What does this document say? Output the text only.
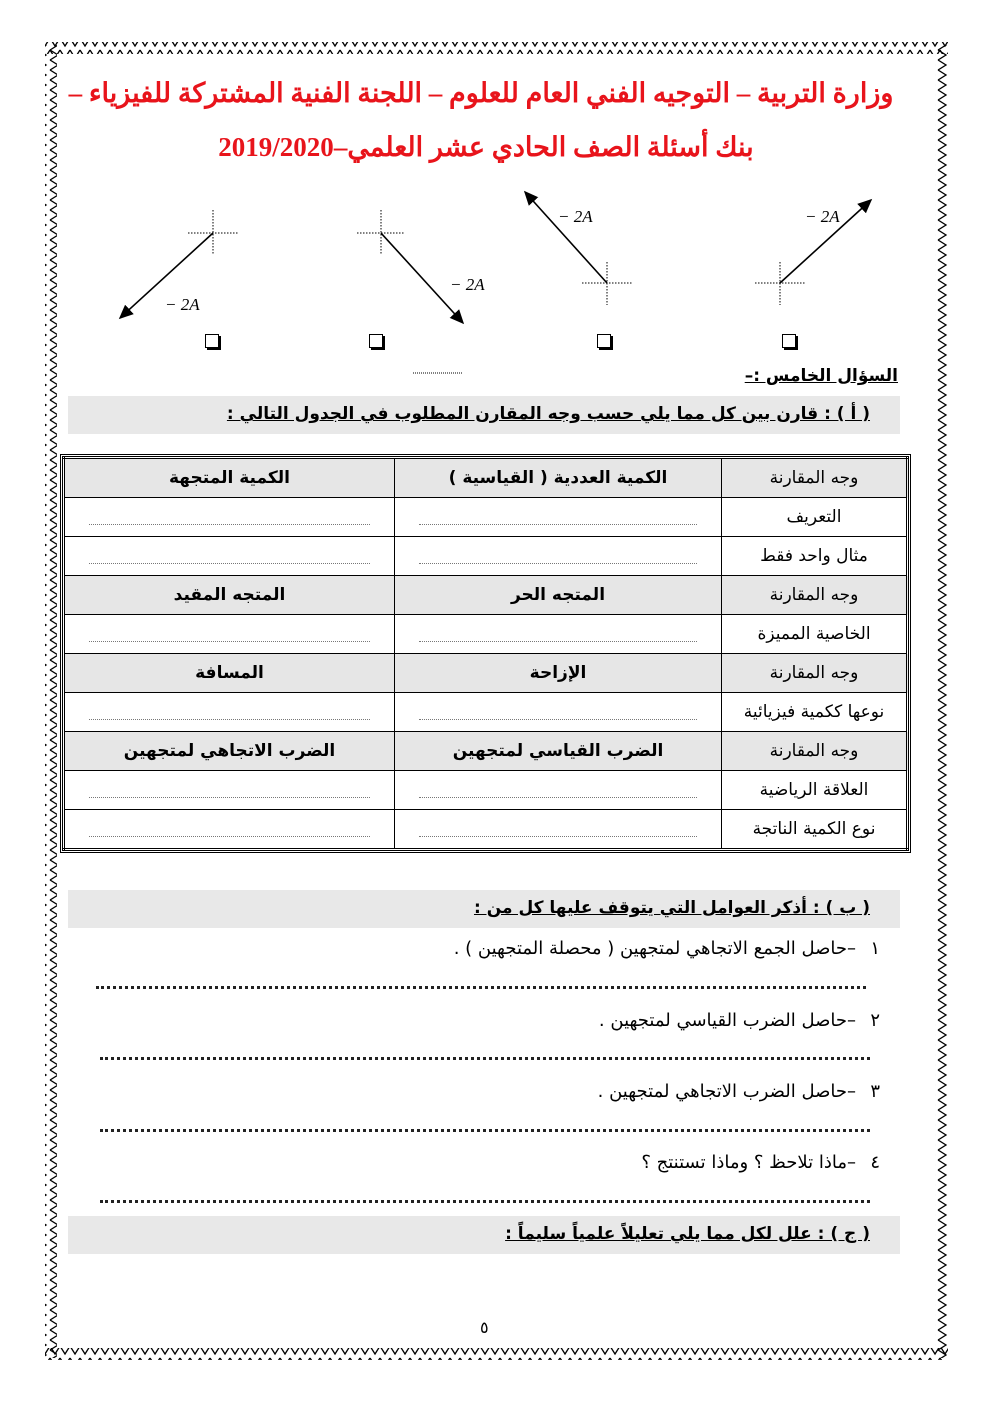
وزارة التربية – التوجيه الفني العام للعلوم – اللجنة الفنية المشتركة للفيزياء –
بنك أسئلة الصف الحادي عشر العلمي–2019/2020
− 2A⃗
− 2A⃗
− 2A⃗	− 2A⃗
السؤال الخامس :–
( أ ) : قارن بين كل مما يلي حسب وجه المقارن المطلوب في الجدول التالي :
وجه المقارنة	الكمية العددية ( القياسية )	الكمية المتجهة
التعريف	

مثال واحد فقط	

وجه المقارنة	المتجه الحر	المتجه المقيد
الخاصية المميزة	

وجه المقارنة	الإزاحة	المسافة
نوعها ككمية فيزيائية	

وجه المقارنة	الضرب القياسي لمتجهين	الضرب الاتجاهي لمتجهين
العلاقة الرياضية	

نوع الكمية الناتجة	

( ب ) : أذكر العوامل التي يتوقف عليها كل من :
١
–حاصل الجمع الاتجاهي لمتجهين ( محصلة المتجهين ) .
٢
–حاصل الضرب القياسي لمتجهين .
٣
–حاصل الضرب الاتجاهي لمتجهين .
٤
–ماذا تلاحظ ؟ وماذا تستنتج ؟
( ج ) : علل لكل مما يلي تعليلاً علمياً سليماً :
٥
